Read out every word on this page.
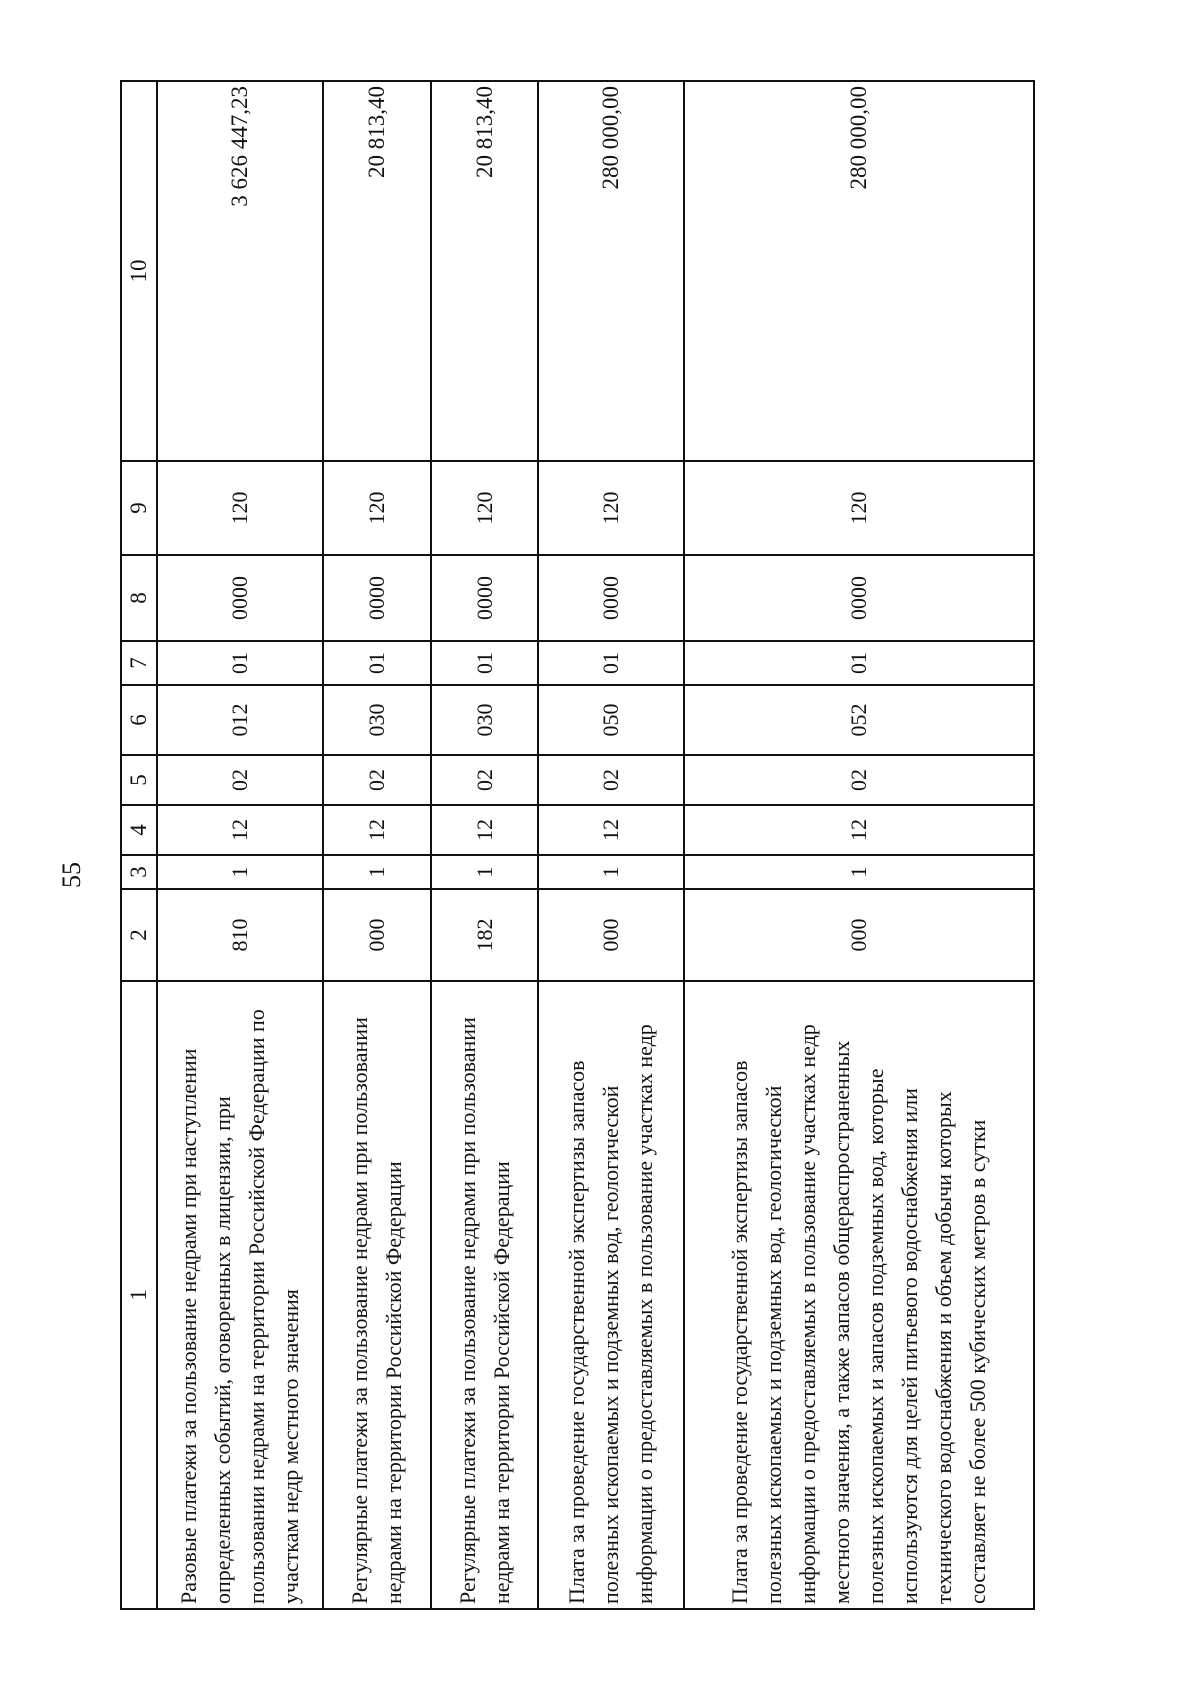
55
1	2	3	4	5	6	7	8	9	10
Разовые платежи за пользование недрами при наступлении определенных событий, оговоренных в лицензии, при пользовании недрами на территории Российской Федерации по участкам недр местного значения	810	1	12	02	012	01	0000	120	3 626 447,23
Регулярные платежи за пользование недрами при пользовании недрами на территории Российской Федерации	000	1	12	02	030	01	0000	120	20 813,40
Регулярные платежи за пользование недрами при пользовании недрами на территории Российской Федерации	182	1	12	02	030	01	0000	120	20 813,40
Плата за проведение государственной экспертизы запасов полезных ископаемых и подземных вод, геологической информации о предоставляемых в пользование участках недр	000	1	12	02	050	01	0000	120	280 000,00
Плата за проведение государственной экспертизы запасов полезных ископаемых и подземных вод, геологической информации о предоставляемых в пользование участках недр местного значения, а также запасов общераспространенных полезных ископаемых и запасов подземных вод, которые используются для целей питьевого водоснабжения или технического водоснабжения и объем добычи которых составляет не более 500 кубических метров в сутки	000	1	12	02	052	01	0000	120	280 000,00
